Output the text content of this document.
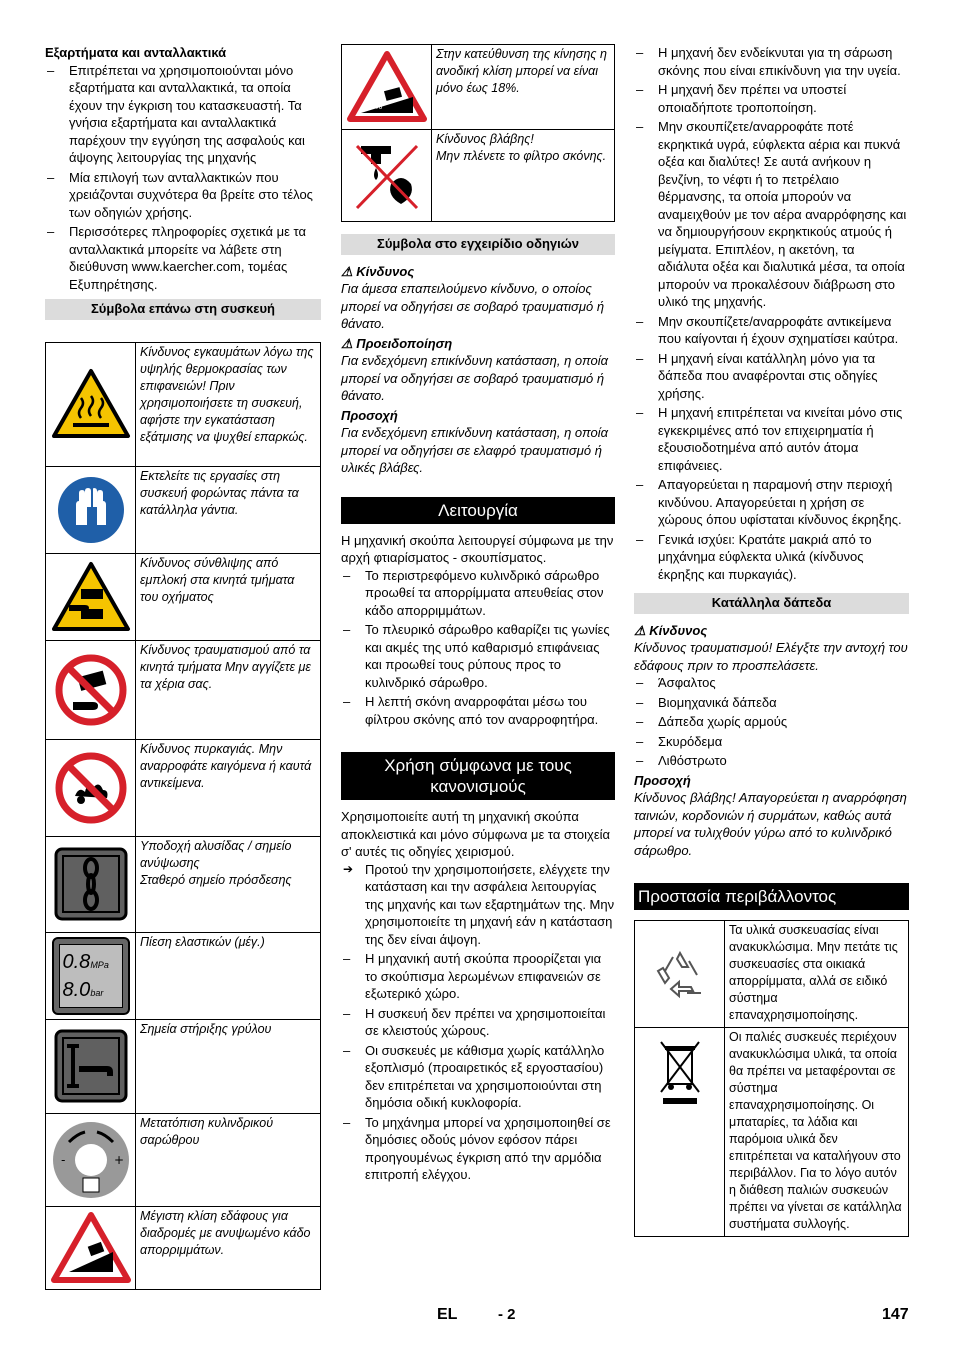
Εξαρτήματα και ανταλλακτικά

– Επιτρέπεται να χρησιμοποιούνται μόνο εξαρτήματα και ανταλλακτικά, τα οποία έχουν την έγκριση του κατασκευαστή. Τα γνήσια εξαρτήματα και ανταλλακτικά παρέχουν την εγγύηση της ασφαλούς και άψογης λειτουργίας της μηχανής
– Μία επιλογή των ανταλλακτικών που χρειάζονται συχνότερα θα βρείτε στο τέλος των οδηγιών χρήσης.
– Περισσότερες πληροφορίες σχετικά με τα ανταλλακτικά μπορείτε να λάβετε στη διεύθυνση www.kaercher.com, τομέας Εξυπηρέτησης.
Σύμβολα επάνω στη συσκευή
	Κίνδυνος εγκαυμάτων λόγω της υψηλής θερμοκρασίας των επιφανειών! Πριν χρησιμοποιήσετε τη συσκευή, αφήστε την εγκατάσταση εξάτμισης να ψυχθεί επαρκώς.

	Εκτελείτε τις εργασίες στη συσκευή φορώντας πάντα τα κατάλληλα γάντια.

	Κίνδυνος σύνθλιψης από εμπλοκή στα κινητά τμήματα του οχήματος

	Κίνδυνος τραυματισμού από τα κινητά τμήματα Μην αγγίζετε με τα χέρια σας.

	Κίνδυνος πυρκαγιάς. Μην αναρροφάτε καιγόμενα ή καυτά αντικείμενα.

	Υποδοχή αλυσίδας / σημείο ανύψωσης
Σταθερό σημείο πρόσδεσης

0.8MPa
8.0bar	Πίεση ελαστικών (μέγ.)

	Σημεία στήριξης γρύλου

- +	Μετατόπιση κυλινδρικού σαρώθρου

	Μέγιστη κλίση εδάφους για διαδρομές με ανυψωμένο κάδο απορριμμάτων.
18%	Στην κατεύθυνση της κίνησης η ανοδική κλίση μπορεί να είναι μόνο έως 18%.

	Κίνδυνος βλάβης!
Μην πλένετε το φίλτρο σκόνης.
Σύμβολα στο εγχειρίδιο οδηγιών

⚠ Κίνδυνος

Για άμεσα επαπειλούμενο κίνδυνο, ο οποίος μπορεί να οδηγήσει σε σοβαρό τραυματισμό ή θάνατο.

⚠ Προειδοποίηση

Για ενδεχόμενη επικίνδυνη κατάσταση, η οποία μπορεί να οδηγήσει σε σοβαρό τραυματισμό ή θάνατο.

Προσοχή

Για ενδεχόμενη επικίνδυνη κατάσταση, η οποία μπορεί να οδηγήσει σε ελαφρό τραυματισμό ή υλικές βλάβες.

Λειτουργία

Η μηχανική σκούπα λειτουργεί σύμφωνα με την αρχή φτιαρίσματος - σκουπίσματος.

– Το περιστρεφόμενο κυλινδρικό σάρωθρο προωθεί τα απορρίμματα απευθείας στον κάδο απορριμμάτων.
– Το πλευρικό σάρωθρο καθαρίζει τις γωνίες και ακμές της υπό καθαρισμό επιφάνειας και προωθεί τους ρύπους προς το κυλινδρικό σάρωθρο.
– Η λεπτή σκόνη αναρροφάται μέσω του φίλτρου σκόνης από τον αναρροφητήρα.
Χρήση σύμφωνα με τους κανονισμούς

Χρησιμοποιείτε αυτή τη μηχανική σκούπα αποκλειστικά και μόνο σύμφωνα με τα στοιχεία σ' αυτές τις οδηγίες χειρισμού.

➔ Προτού την χρησιμοποιήσετε, ελέγχετε την κατάσταση και την ασφάλεια λειτουργίας της μηχανής και των εξαρτημάτων της. Μην χρησιμοποιείτε τη μηχανή εάν η κατάσταση της δεν είναι άψογη.
– Η μηχανική αυτή σκούπα προορίζεται για το σκούπισμα λερωμένων επιφανειών σε εξωτερικό χώρο.
– Η συσκευή δεν πρέπει να χρησιμοποιείται σε κλειστούς χώρους.
– Οι συσκευές με κάθισμα χωρίς κατάλληλο εξοπλισμό (προαιρετικός εξ εργοστασίου) δεν επιτρέπεται να χρησιμοποιούνται στη δημόσια οδική κυκλοφορία.
– Το μηχάνημα μπορεί να χρησιμοποιηθεί σε δημόσιες οδούς μόνον εφόσον πάρει προηγουμένως έγκριση από την αρμόδια επιτροπή ελέγχου.
– Η μηχανή δεν ενδείκνυται για τη σάρωση σκόνης που είναι επικίνδυνη για την υγεία.
– Η μηχανή δεν πρέπει να υποστεί οποιαδήποτε τροποποίηση.
– Μην σκουπίζετε/αναρροφάτε ποτέ εκρηκτικά υγρά, εύφλεκτα αέρια και πυκνά οξέα και διαλύτες! Σε αυτά ανήκουν η βενζίνη, το νέφτι ή το πετρέλαιο θέρμανσης, τα οποία μπορούν να αναμειχθούν με τον αέρα αναρρόφησης και να δημιουργήσουν εκρηκτικούς ατμούς ή μείγματα. Επιπλέον, η ακετόνη, τα αδιάλυτα οξέα και διαλυτικά μέσα, τα οποία μπορούν να προκαλέσουν διάβρωση στο υλικό της μηχανής.
– Μην σκουπίζετε/αναρροφάτε αντικείμενα που καίγονται ή έχουν σχηματίσει καύτρα.
– Η μηχανή είναι κατάλληλη μόνο για τα δάπεδα που αναφέρονται στις οδηγίες χρήσης.
– Η μηχανή επιτρέπεται να κινείται μόνο στις εγκεκριμένες από τον επιχειρηματία ή εξουσιοδοτημένα από αυτόν άτομα επιφάνειες.
– Απαγορεύεται η παραμονή στην περιοχή κινδύνου. Απαγορεύεται η χρήση σε χώρους όπου υφίσταται κίνδυνος έκρηξης.
– Γενικά ισχύει: Κρατάτε μακριά από το μηχάνημα εύφλεκτα υλικά (κίνδυνος έκρηξης και πυρκαγιάς).
Κατάλληλα δάπεδα

⚠ Κίνδυνος

Κίνδυνος τραυματισμού! Ελέγξτε την αντοχή του εδάφους πριν το προσπελάσετε.

– Άσφαλτος
– Βιομηχανικά δάπεδα
– Δάπεδα χωρίς αρμούς
– Σκυρόδεμα
– Λιθόστρωτο

Προσοχή

Κίνδυνος βλάβης! Απαγορεύεται η αναρρόφηση ταινιών, κορδονιών ή συρμάτων, καθώς αυτά μπορεί να τυλιχθούν γύρω από το κυλινδρικό σάρωθρο.

Προστασία περιβάλλοντος
	Τα υλικά συσκευασίας είναι ανακυκλώσιμα. Μην πετάτε τις συσκευασίες στα οικιακά απορρίμματα, αλλά σε ειδικό σύστημα επαναχρησιμοποίησης.

	Οι παλιές συσκευές περιέχουν ανακυκλώσιμα υλικά, τα οποία θα πρέπει να μεταφέρονται σε σύστημα επαναχρησιμοποίησης. Οι μπαταρίες, τα λάδια και παρόμοια υλικά δεν επιτρέπεται να καταλήγουν στο περιβάλλον. Για το λόγο αυτόν η διάθεση παλιών συσκευών πρέπει να γίνεται σε κατάλληλα συστήματα συλλογής.
EL	- 2	147
